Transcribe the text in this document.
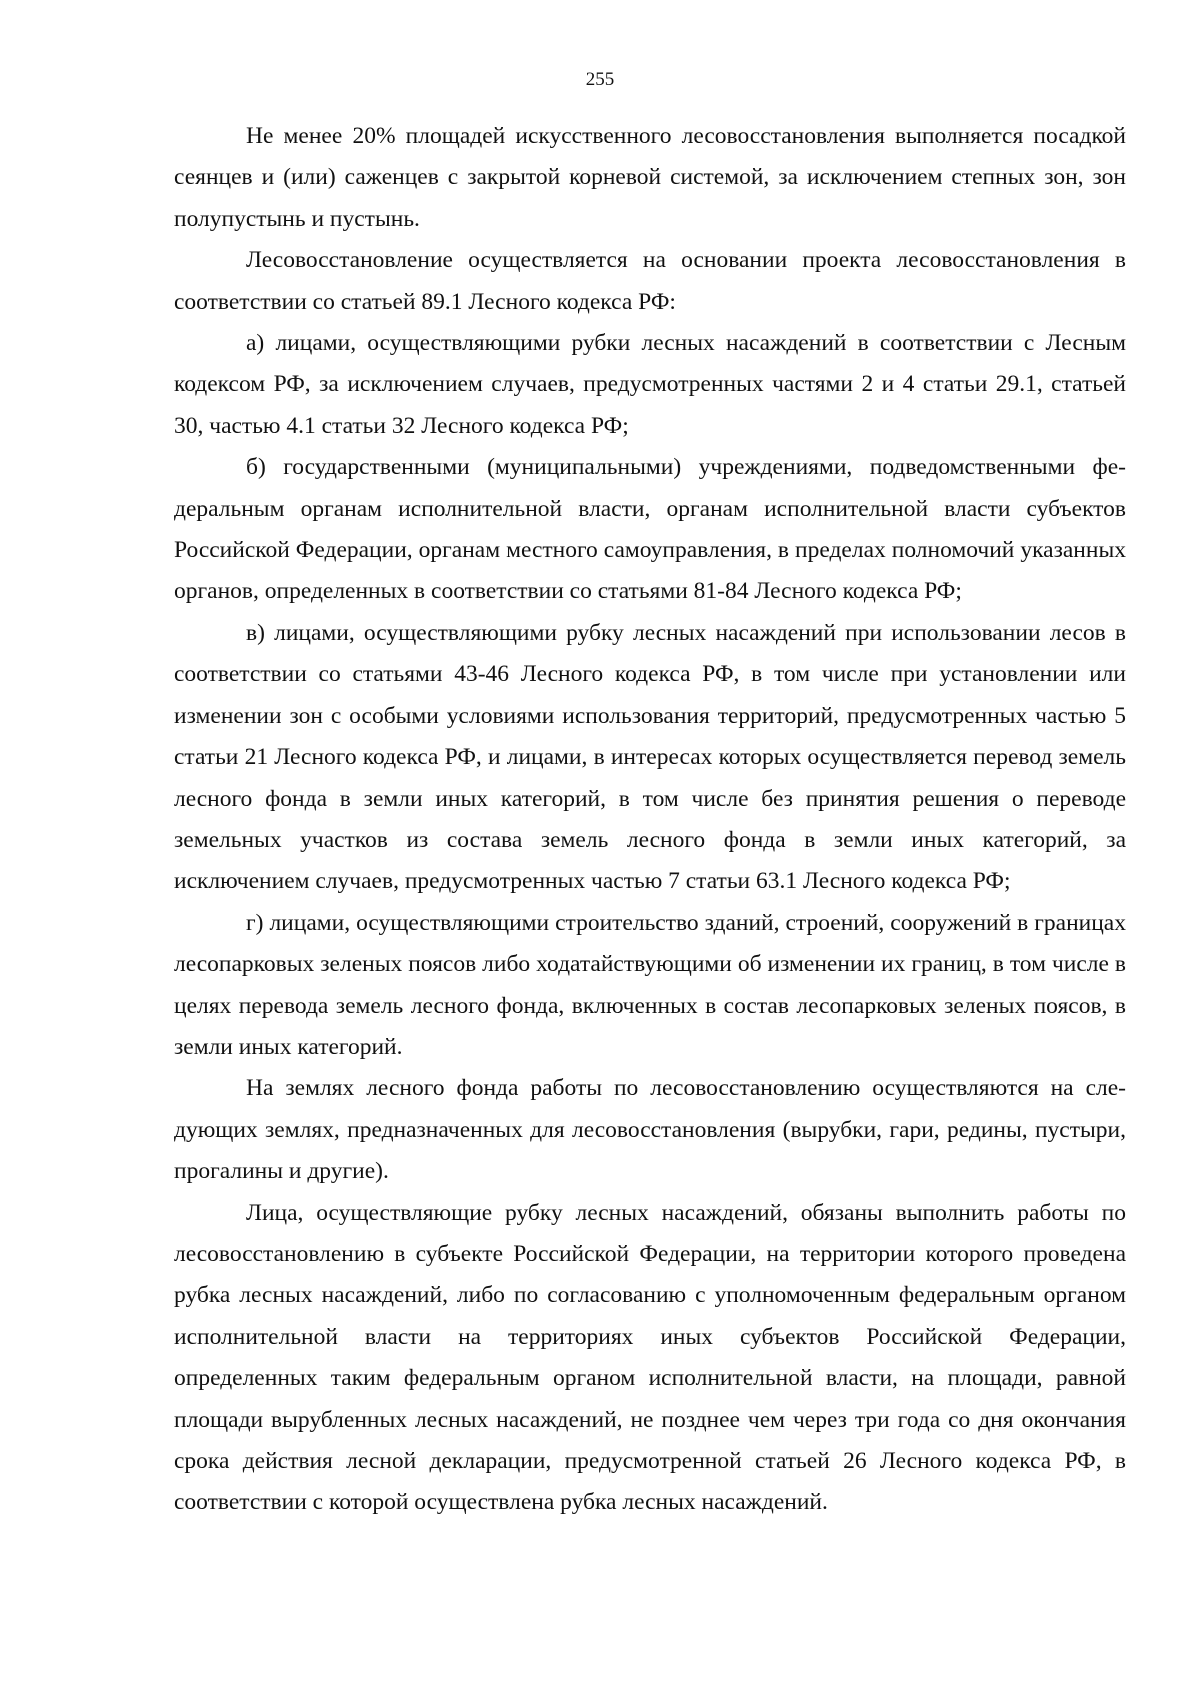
255

Не менее 20% площадей искусственного лесовосстановления выполняется посадкой сеянцев и (или) саженцев с закрытой корневой системой, за исключением степных зон, зон полупустынь и пустынь.

Лесовосстановление осуществляется на основании проекта лесовосстановления в соответствии со статьей 89.1 Лесного кодекса РФ:

а) лицами, осуществляющими рубки лесных насаждений в соответствии с Лесным кодексом РФ, за исключением случаев, предусмотренных частями 2 и 4 статьи 29.1, статьей 30, частью 4.1 статьи 32 Лесного кодекса РФ;

б) государственными (муниципальными) учреждениями, подведомственными федеральным органам исполнительной власти, органам исполнительной власти субъектов Российской Федерации, органам местного самоуправления, в пределах полномочий указанных органов, определенных в соответствии со статьями 81-84 Лесного кодекса РФ;

в) лицами, осуществляющими рубку лесных насаждений при использовании лесов в соответствии со статьями 43-46 Лесного кодекса РФ, в том числе при установлении или изменении зон с особыми условиями использования территорий, предусмотренных частью 5 статьи 21 Лесного кодекса РФ, и лицами, в интересах которых осуществляется перевод земель лесного фонда в земли иных категорий, в том числе без принятия решения о переводе земельных участков из состава земель лесного фонда в земли иных категорий, за исключением случаев, предусмотренных частью 7 статьи 63.1 Лесного кодекса РФ;

г) лицами, осуществляющими строительство зданий, строений, сооружений в границах лесопарковых зеленых поясов либо ходатайствующими об изменении их границ, в том числе в целях перевода земель лесного фонда, включенных в состав лесопарковых зеленых поясов, в земли иных категорий.

На землях лесного фонда работы по лесовосстановлению осуществляются на следующих землях, предназначенных для лесовосстановления (вырубки, гари, редины, пустыри, прогалины и другие).

Лица, осуществляющие рубку лесных насаждений, обязаны выполнить работы по лесовосстановлению в субъекте Российской Федерации, на территории которого проведена рубка лесных насаждений, либо по согласованию с уполномоченным федеральным органом исполнительной власти на территориях иных субъектов Российской Федерации, определенных таким федеральным органом исполнительной власти, на площади, равной площади вырубленных лесных насаждений, не позднее чем через три года со дня окончания срока действия лесной декларации, предусмотренной статьей 26 Лесного кодекса РФ, в соответствии с которой осуществлена рубка лесных насаждений.
